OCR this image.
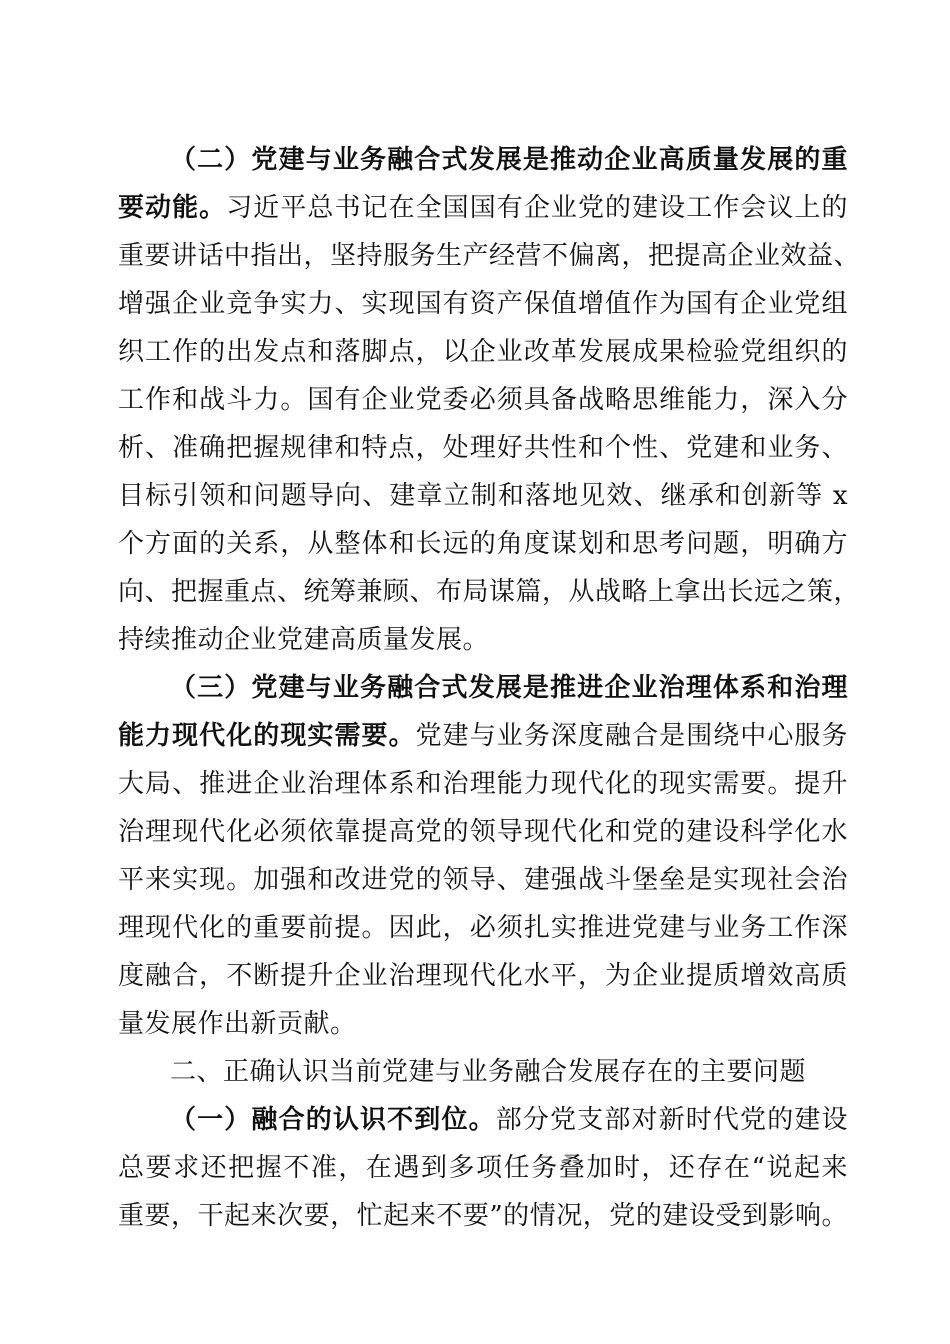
（二）党建与业务融合式发展是推动企业高质量发展的重
要动能。习近平总书记在全国国有企业党的建设工作会议上的
重要讲话中指出，坚持服务生产经营不偏离，把提高企业效益、
增强企业竞争实力、实现国有资产保值增值作为国有企业党组
织工作的出发点和落脚点，以企业改革发展成果检验党组织的
工作和战斗力。国有企业党委必须具备战略思维能力，深入分
析、准确把握规律和特点，处理好共性和个性、党建和业务、
目标引领和问题导向、建章立制和落地见效、继承和创新等 x
个方面的关系，从整体和长远的角度谋划和思考问题，明确方
向、把握重点、统筹兼顾、布局谋篇，从战略上拿出长远之策，
持续推动企业党建高质量发展。
（三）党建与业务融合式发展是推进企业治理体系和治理
能力现代化的现实需要。党建与业务深度融合是围绕中心服务
大局、推进企业治理体系和治理能力现代化的现实需要。提升
治理现代化必须依靠提高党的领导现代化和党的建设科学化水
平来实现。加强和改进党的领导、建强战斗堡垒是实现社会治
理现代化的重要前提。因此，必须扎实推进党建与业务工作深
度融合，不断提升企业治理现代化水平，为企业提质增效高质
量发展作出新贡献。
二、正确认识当前党建与业务融合发展存在的主要问题
（一）融合的认识不到位。部分党支部对新时代党的建设
总要求还把握不准，在遇到多项任务叠加时，还存在“说起来
重要，干起来次要，忙起来不要”的情况，党的建设受到影响。
